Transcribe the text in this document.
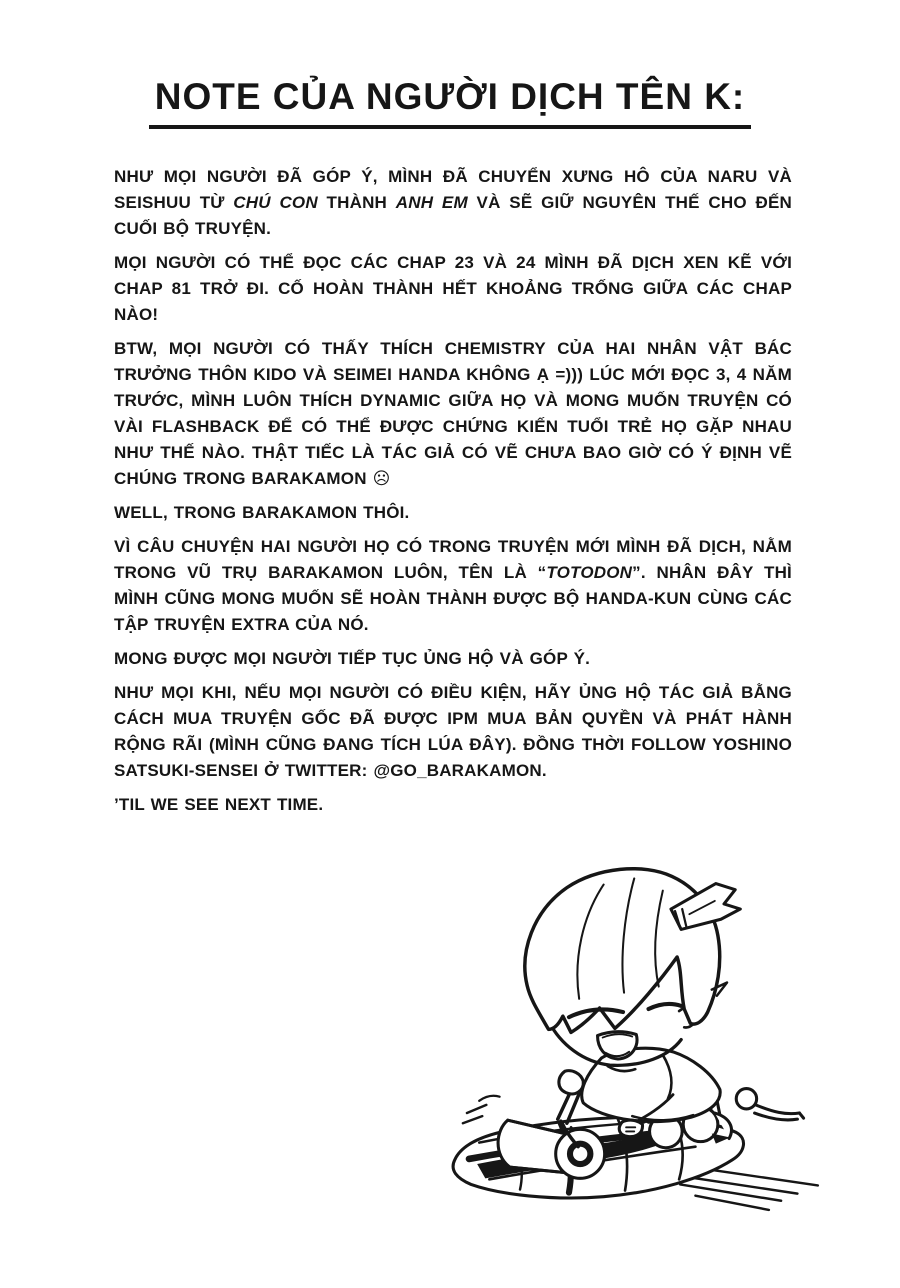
NOTE CỦA NGƯỜI DỊCH TÊN K:

NHƯ MỌI NGƯỜI ĐÃ GÓP Ý, MÌNH ĐÃ CHUYỂN XƯNG HÔ CỦA NARU VÀ SEISHUU TỪ CHÚ CON THÀNH ANH EM VÀ SẼ GIỮ NGUYÊN THẾ CHO ĐẾN CUỐI BỘ TRUYỆN.

MỌI NGƯỜI CÓ THỂ ĐỌC CÁC CHAP 23 VÀ 24 MÌNH ĐÃ DỊCH XEN KẼ VỚI CHAP 81 TRỞ ĐI. CỐ HOÀN THÀNH HẾT KHOẢNG TRỐNG GIỮA CÁC CHAP NÀO!

BTW, MỌI NGƯỜI CÓ THẤY THÍCH CHEMISTRY CỦA HAI NHÂN VẬT BÁC TRƯỞNG THÔN KIDO VÀ SEIMEI HANDA KHÔNG Ạ =))) LÚC MỚI ĐỌC 3, 4 NĂM TRƯỚC, MÌNH LUÔN THÍCH DYNAMIC GIỮA HỌ VÀ MONG MUỐN TRUYỆN CÓ VÀI FLASHBACK ĐỂ CÓ THỂ ĐƯỢC CHỨNG KIẾN TUỔI TRẺ HỌ GẶP NHAU NHƯ THẾ NÀO. THẬT TIẾC LÀ TÁC GIẢ CÓ VẼ CHƯA BAO GIỜ CÓ Ý ĐỊNH VẼ CHÚNG TRONG BARAKAMON ☹

WELL, TRONG BARAKAMON THÔI.

VÌ CÂU CHUYỆN HAI NGƯỜI HỌ CÓ TRONG TRUYỆN MỚI MÌNH ĐÃ DỊCH, NẰM TRONG VŨ TRỤ BARAKAMON LUÔN, TÊN LÀ “TOTODON”. NHÂN ĐÂY THÌ MÌNH CŨNG MONG MUỐN SẼ HOÀN THÀNH ĐƯỢC BỘ HANDA-KUN CÙNG CÁC TẬP TRUYỆN EXTRA CỦA NÓ.

MONG ĐƯỢC MỌI NGƯỜI TIẾP TỤC ỦNG HỘ VÀ GÓP Ý.

NHƯ MỌI KHI, NẾU MỌI NGƯỜI CÓ ĐIỀU KIỆN, HÃY ỦNG HỘ TÁC GIẢ BẰNG CÁCH MUA TRUYỆN GỐC ĐÃ ĐƯỢC IPM MUA BẢN QUYỀN VÀ PHÁT HÀNH RỘNG RÃI (MÌNH CŨNG ĐANG TÍCH LÚA ĐÂY). ĐỒNG THỜI FOLLOW YOSHINO SATSUKI-SENSEI Ở TWITTER: @GO_BARAKAMON.

’TIL WE SEE NEXT TIME.
